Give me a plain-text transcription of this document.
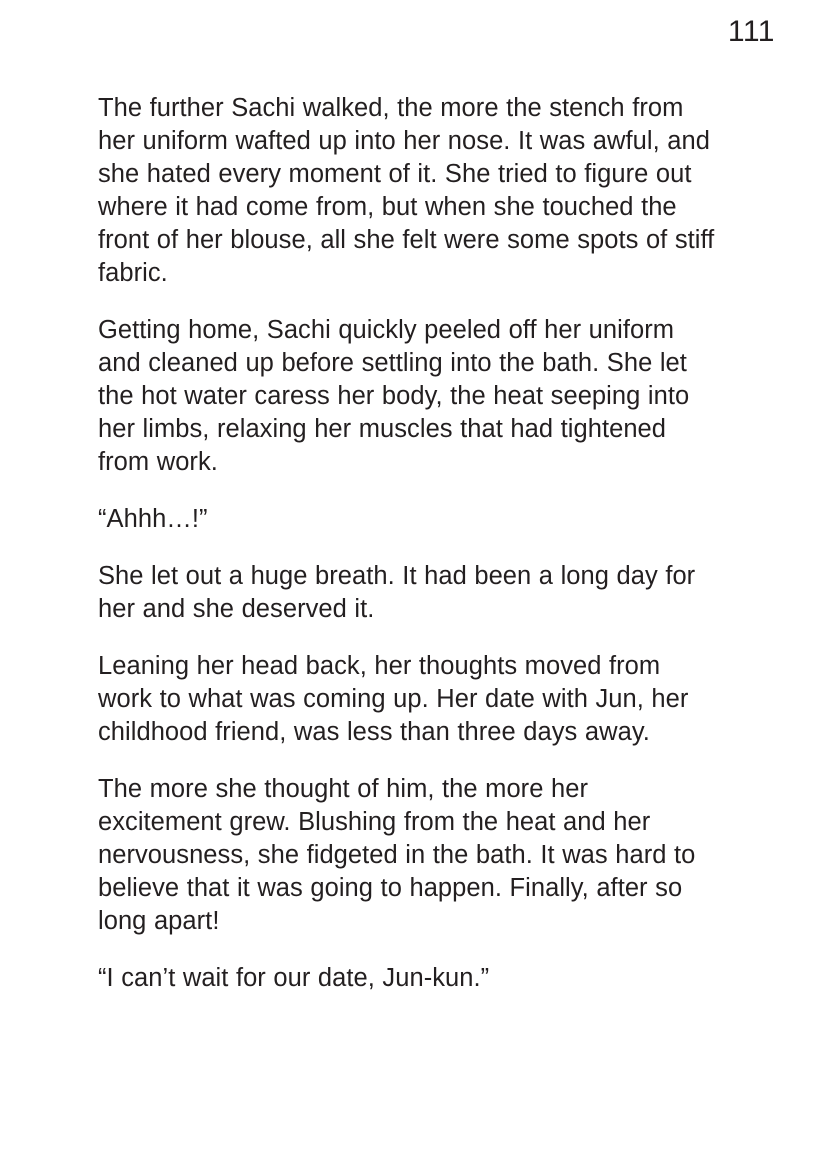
111

The further Sachi walked, the more the stench from her uniform wafted up into her nose. It was awful, and she hated every moment of it. She tried to figure out where it had come from, but when she touched the front of her blouse, all she felt were some spots of stiff fabric.

Getting home, Sachi quickly peeled off her uniform and cleaned up before settling into the bath. She let the hot water caress her body, the heat seeping into her limbs, relaxing her muscles that had tightened from work.

“Ahhh…!”

She let out a huge breath. It had been a long day for her and she deserved it.

Leaning her head back, her thoughts moved from work to what was coming up. Her date with Jun, her childhood friend, was less than three days away.

The more she thought of him, the more her excitement grew. Blushing from the heat and her nervousness, she fidgeted in the bath. It was hard to believe that it was going to happen. Finally, after so long apart!

“I can’t wait for our date, Jun-kun.”
